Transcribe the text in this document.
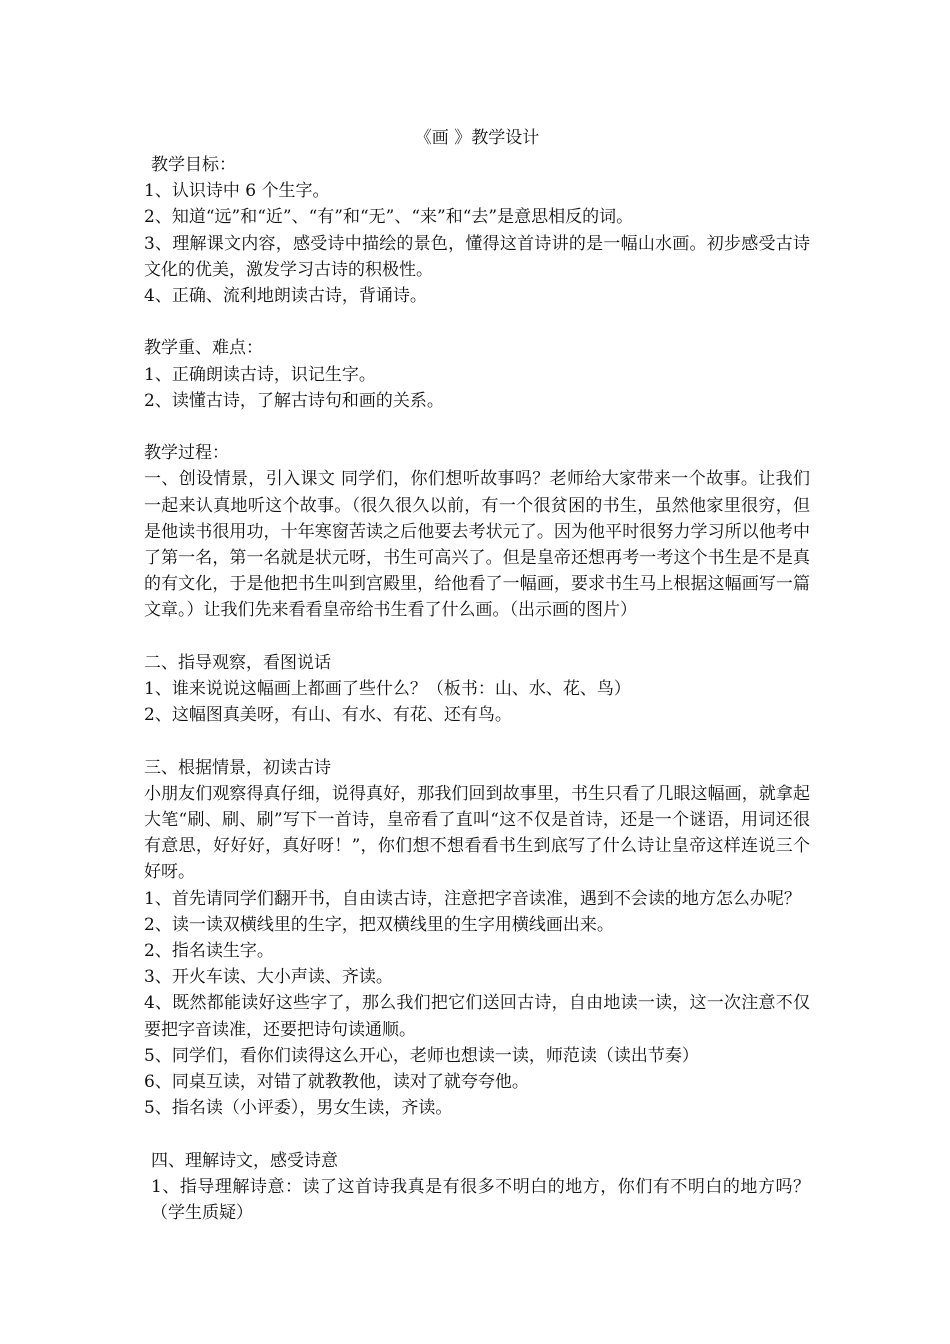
《画 》教学设计

教学目标：

1、认识诗中 6 个生字。

2、知道“远”和“近”、“有”和“无”、“来”和“去”是意思相反的词。

3、理解课文内容，感受诗中描绘的景色，懂得这首诗讲的是一幅山水画。初步感受古诗文化的优美，激发学习古诗的积极性。

4、正确、流利地朗读古诗，背诵诗。

教学重、难点：

1、正确朗读古诗，识记生字。

2、读懂古诗，了解古诗句和画的关系。

教学过程：

一、创设情景，引入课文 同学们，你们想听故事吗？老师给大家带来一个故事。让我们一起来认真地听这个故事。（很久很久以前，有一个很贫困的书生，虽然他家里很穷，但是他读书很用功，十年寒窗苦读之后他要去考状元了。因为他平时很努力学习所以他考中了第一名，第一名就是状元呀，书生可高兴了。但是皇帝还想再考一考这个书生是不是真的有文化，于是他把书生叫到宫殿里，给他看了一幅画，要求书生马上根据这幅画写一篇文章。）让我们先来看看皇帝给书生看了什么画。（出示画的图片）

二、指导观察，看图说话

1、谁来说说这幅画上都画了些什么？（板书：山、水、花、鸟）

2、这幅图真美呀，有山、有水、有花、还有鸟。

三、根据情景，初读古诗

小朋友们观察得真仔细，说得真好，那我们回到故事里，书生只看了几眼这幅画，就拿起大笔“刷、刷、刷”写下一首诗，皇帝看了直叫“这不仅是首诗，还是一个谜语，用词还很有意思，好好好，真好呀！”，你们想不想看看书生到底写了什么诗让皇帝这样连说三个好呀。

1、首先请同学们翻开书，自由读古诗，注意把字音读准，遇到不会读的地方怎么办呢？

2、读一读双横线里的生字，把双横线里的生字用横线画出来。

2、指名读生字。

3、开火车读、大小声读、齐读。

4、既然都能读好这些字了，那么我们把它们送回古诗，自由地读一读，这一次注意不仅要把字音读准，还要把诗句读通顺。

5、同学们，看你们读得这么开心，老师也想读一读，师范读（读出节奏）

6、同桌互读，对错了就教教他，读对了就夸夸他。

5、指名读（小评委），男女生读，齐读。

四、理解诗文，感受诗意

1、指导理解诗意：读了这首诗我真是有很多不明白的地方，你们有不明白的地方吗？（学生质疑）
